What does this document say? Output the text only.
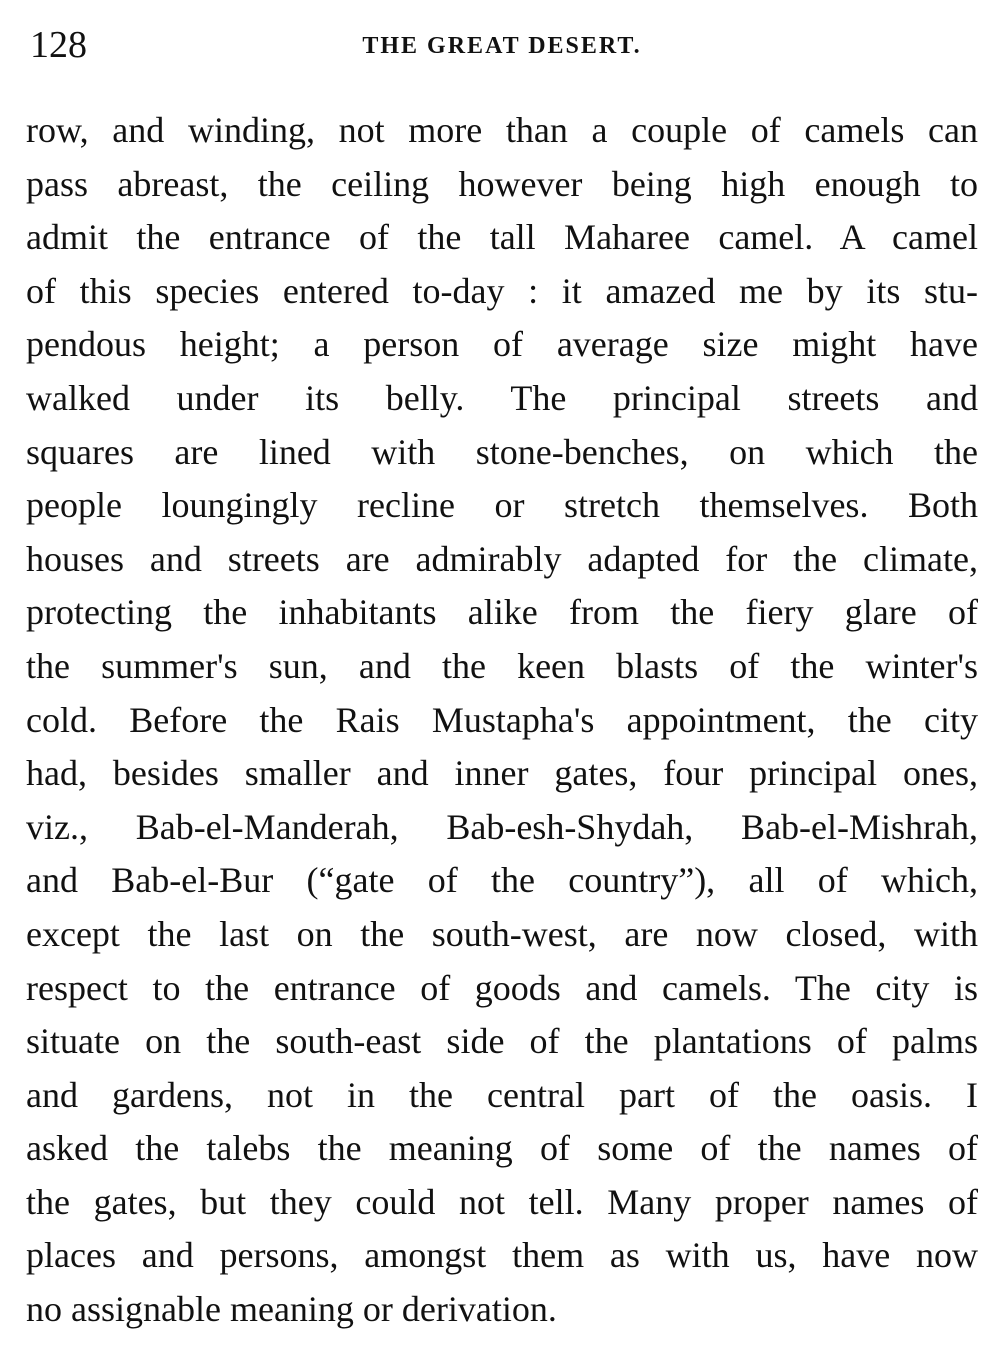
128	THE GREAT DESERT.
row, and winding, not more than a couple of camels can
pass abreast, the ceiling however being high enough to
admit the entrance of the tall Maharee camel. A camel
of this species entered to-day : it amazed me by its stu-
pendous height; a person of average size might have
walked under its belly. The principal streets and
squares are lined with stone-benches, on which the
people loungingly recline or stretch themselves. Both
houses and streets are admirably adapted for the climate,
protecting the inhabitants alike from the fiery glare of
the summer's sun, and the keen blasts of the winter's
cold. Before the Rais Mustapha's appointment, the city
had, besides smaller and inner gates, four principal ones,
viz., Bab-el-Manderah, Bab-esh-Shydah, Bab-el-Mishrah,
and Bab-el-Bur (“gate of the country”), all of which,
except the last on the south-west, are now closed, with
respect to the entrance of goods and camels. The city is
situate on the south-east side of the plantations of palms
and gardens, not in the central part of the oasis. I
asked the talebs the meaning of some of the names of
the gates, but they could not tell. Many proper names of
places and persons, amongst them as with us, have now
no assignable meaning or derivation.
